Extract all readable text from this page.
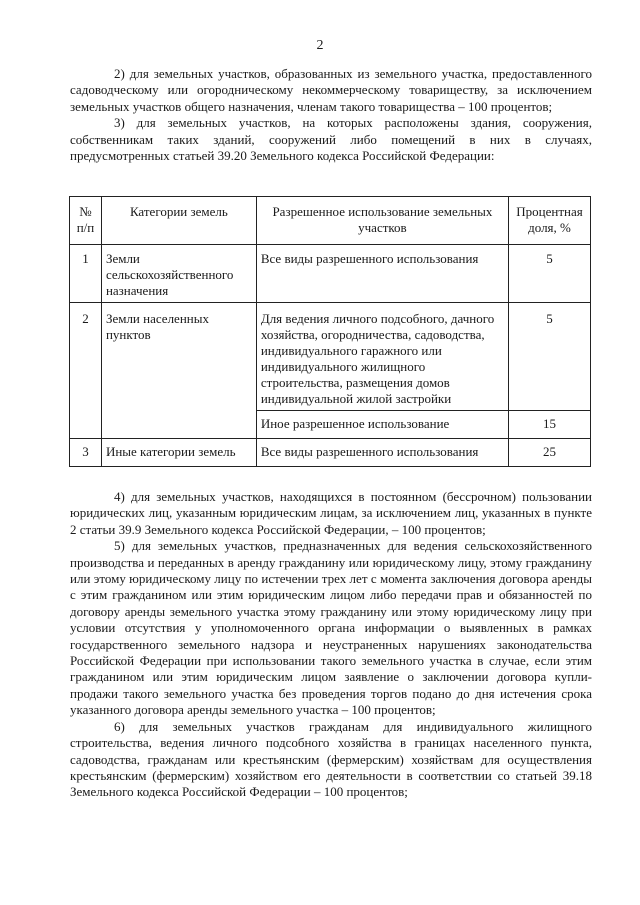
2

2) для земельных участков, образованных из земельного участка, предоставленного садоводческому или огородническому некоммерческому товариществу, за исключением земельных участков общего назначения, членам такого товарищества – 100 процентов;

3) для земельных участков, на которых расположены здания, сооружения, собственникам таких зданий, сооружений либо помещений в них в случаях, предусмотренных статьей 39.20 Земельного кодекса Российской Федерации:

№ п/п	Категории земель	Разрешенное использование земельных участков	Процентная доля, %
1	Земли сельскохозяйственного назначения	Все виды разрешенного использования	5
2	Земли населенных пунктов	Для ведения личного подсобного, дачного хозяйства, огородничества, садоводства, индивидуального гаражного или индивидуального жилищного строительства, размещения домов индивидуальной жилой застройки	5
		Иное разрешенное использование	15
3	Иные категории земель	Все виды разрешенного использования	25

4) для земельных участков, находящихся в постоянном (бессрочном) пользовании юридических лиц, указанным юридическим лицам, за исключением лиц, указанных в пункте 2 статьи 39.9 Земельного кодекса Российской Федерации, – 100 процентов;

5) для земельных участков, предназначенных для ведения сельскохозяйственного производства и переданных в аренду гражданину или юридическому лицу, этому гражданину или этому юридическому лицу по истечении трех лет с момента заключения договора аренды с этим гражданином или этим юридическим лицом либо передачи прав и обязанностей по договору аренды земельного участка этому гражданину или этому юридическому лицу при условии отсутствия у уполномоченного органа информации о выявленных в рамках государственного земельного надзора и неустраненных нарушениях законодательства Российской Федерации при использовании такого земельного участка в случае, если этим гражданином или этим юридическим лицом заявление о заключении договора купли-продажи такого земельного участка без проведения торгов подано до дня истечения срока указанного договора аренды земельного участка – 100 процентов;

6) для земельных участков гражданам для индивидуального жилищного строительства, ведения личного подсобного хозяйства в границах населенного пункта, садоводства, гражданам или крестьянским (фермерским) хозяйствам для осуществления крестьянским (фермерским) хозяйством его деятельности в соответствии со статьей 39.18 Земельного кодекса Российской Федерации – 100 процентов;
